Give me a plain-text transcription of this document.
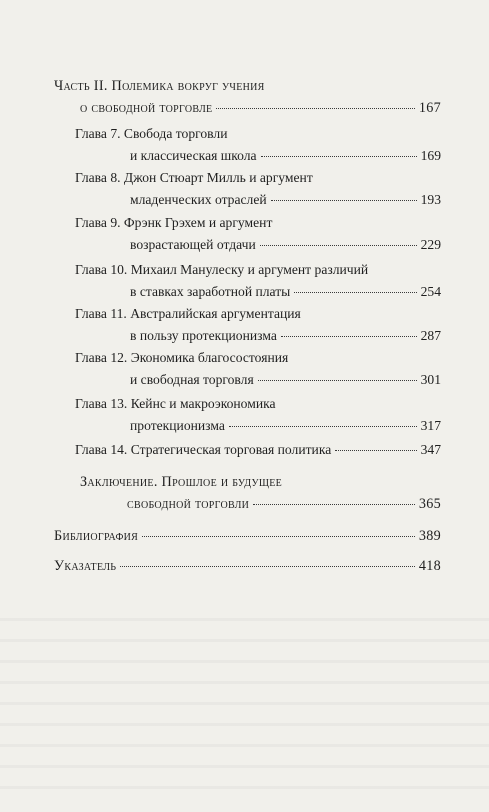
Часть II. Полемика вокруг учения
о свободной торговле	167
Глава 7. Свобода торговли
и классическая школа	169
Глава 8. Джон Стюарт Милль и аргумент
младенческих отраслей	193
Глава 9. Фрэнк Грэхем и аргумент
возрастающей отдачи	229
Глава 10. Михаил Манулеску и аргумент различий
в ставках заработной платы	254
Глава 11. Австралийская аргументация
в пользу протекционизма	287
Глава 12. Экономика благосостояния
и свободная торговля	301
Глава 13. Кейнс и макроэкономика
протекционизма	317
Глава 14. Стратегическая торговая политика	347
Заключение. Прошлое и будущее
свободной торговли	365
Библиография	389
Указатель	418
